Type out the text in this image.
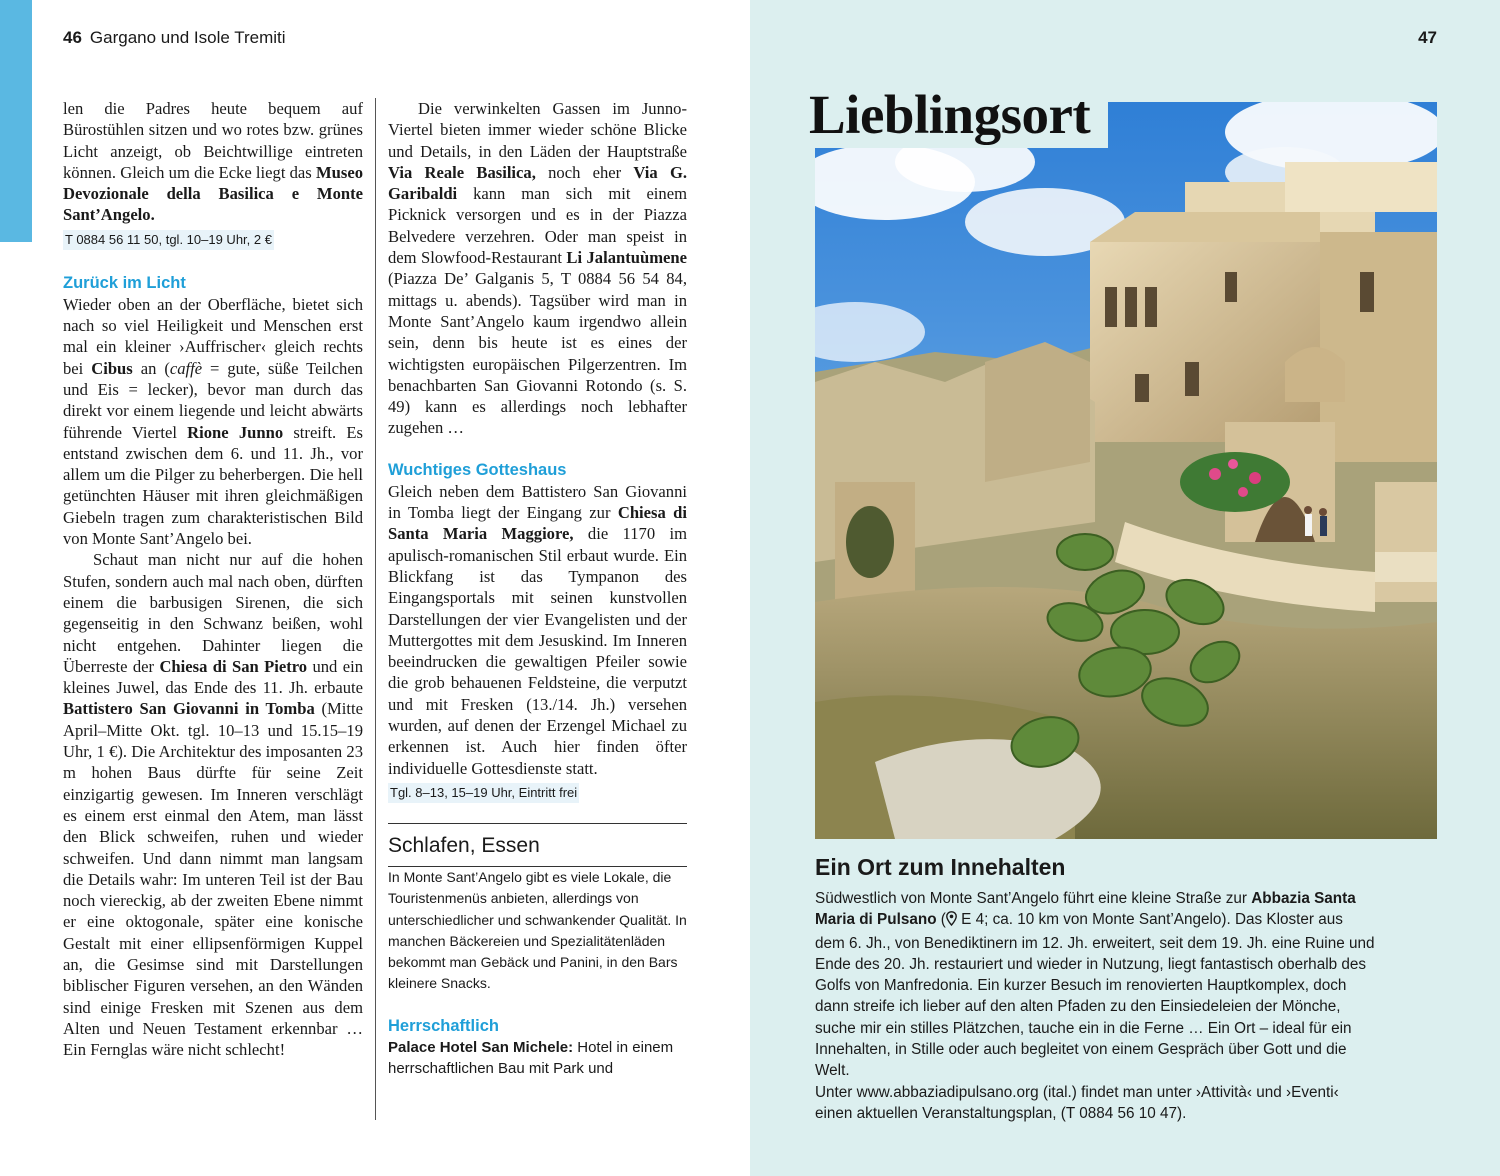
46 Gargano und Isole Tremiti

len die Padres heute bequem auf Bürostühlen sitzen und wo rotes bzw. grünes Licht anzeigt, ob Beichtwillige eintreten können. Gleich um die Ecke liegt das Museo Devozionale della Basilica e Monte Sant’Angelo.

T 0884 56 11 50, tgl. 10–19 Uhr, 2 €
Zurück im Licht

Wieder oben an der Oberfläche, bietet sich nach so viel Heiligkeit und Menschen erst mal ein kleiner ›Auffrischer‹ gleich rechts bei Cibus an (caffè = gute, süße Teilchen und Eis = lecker), bevor man durch das direkt vor einem liegende und leicht abwärts führende Viertel Rione Junno streift. Es entstand zwischen dem 6. und 11. Jh., vor allem um die Pilger zu beherbergen. Die hell getünchten Häuser mit ihren gleichmäßigen Giebeln tragen zum charakteristischen Bild von Monte Sant’Angelo bei.

Schaut man nicht nur auf die hohen Stufen, sondern auch mal nach oben, dürften einem die barbusigen Sirenen, die sich gegenseitig in den Schwanz beißen, wohl nicht entgehen. Dahinter liegen die Überreste der Chiesa di San Pietro und ein kleines Juwel, das Ende des 11. Jh. erbaute Battistero San Giovanni in Tomba (Mitte April–Mitte Okt. tgl. 10–13 und 15.15–19 Uhr, 1 €). Die Architektur des imposanten 23 m hohen Baus dürfte für seine Zeit einzigartig gewesen. Im Inneren verschlägt es einem erst einmal den Atem, man lässt den Blick schweifen, ruhen und wieder schweifen. Und dann nimmt man langsam die Details wahr: Im unteren Teil ist der Bau noch viereckig, ab der zweiten Ebene nimmt er eine oktogonale, später eine konische Gestalt mit einer ellipsenförmigen Kuppel an, die Gesimse sind mit Darstellungen biblischer Figuren versehen, an den Wänden sind einige Fresken mit Szenen aus dem Alten und Neuen Testament erkennbar … Ein Fernglas wäre nicht schlecht!

Die verwinkelten Gassen im Junno-Viertel bieten immer wieder schöne Blicke und Details, in den Läden der Hauptstraße Via Reale Basilica, noch eher Via G. Garibaldi kann man sich mit einem Picknick versorgen und es in der Piazza Belvedere verzehren. Oder man speist in dem Slowfood-Restaurant Li Jalantuùmene (Piazza De’ Galganis 5, T 0884 56 54 84, mittags u. abends). Tagsüber wird man in Monte Sant’Angelo kaum irgendwo allein sein, denn bis heute ist es eines der wichtigsten europäischen Pilgerzentren. Im benachbarten San Giovanni Rotondo (s. S. 49) kann es allerdings noch lebhafter zugehen …

Wuchtiges Gotteshaus

Gleich neben dem Battistero San Giovanni in Tomba liegt der Eingang zur Chiesa di Santa Maria Maggiore, die 1170 im apulisch-romanischen Stil erbaut wurde. Ein Blickfang ist das Tympanon des Eingangsportals mit seinen kunstvollen Darstellungen der vier Evangelisten und der Muttergottes mit dem Jesuskind. Im Inneren beeindrucken die gewaltigen Pfeiler sowie die grob behauenen Feldsteine, die verputzt und mit Fresken (13./14. Jh.) versehen wurden, auf denen der Erzengel Michael zu erkennen ist. Auch hier finden öfter individuelle Gottesdienste statt.

Tgl. 8–13, 15–19 Uhr, Eintritt frei
Schlafen, Essen

In Monte Sant’Angelo gibt es viele Lokale, die Touristenmenüs anbieten, allerdings von unterschiedlicher und schwankender Qualität. In manchen Bäckereien und Spezialitätenläden bekommt man Gebäck und Panini, in den Bars kleinere Snacks.

Herrschaftlich

Palace Hotel San Michele: Hotel in einem herrschaftlichen Bau mit Park und

47
Lieblingsort
Ein Ort zum Innehalten
Südwestlich von Monte Sant’Angelo führt eine kleine Straße zur Abbazia Santa Maria di Pulsano ( E 4; ca. 10 km von Monte Sant’Angelo). Das Kloster aus dem 6. Jh., von Benediktinern im 12. Jh. erweitert, seit dem 19. Jh. eine Ruine und Ende des 20. Jh. restauriert und wieder in Nutzung, liegt fantastisch oberhalb des Golfs von Manfredonia. Ein kurzer Besuch im renovierten Hauptkomplex, doch dann streife ich lieber auf den alten Pfaden zu den Einsiedeleien der Mönche, suche mir ein stilles Plätzchen, tauche ein in die Ferne … Ein Ort – ideal für ein Innehalten, in Stille oder auch begleitet von einem Gespräch über Gott und die Welt.
Unter www.abbaziadipulsano.org (ital.) findet man unter ›Attività‹ und ›Eventi‹ einen aktuellen Veranstaltungsplan, (T 0884 56 10 47).
